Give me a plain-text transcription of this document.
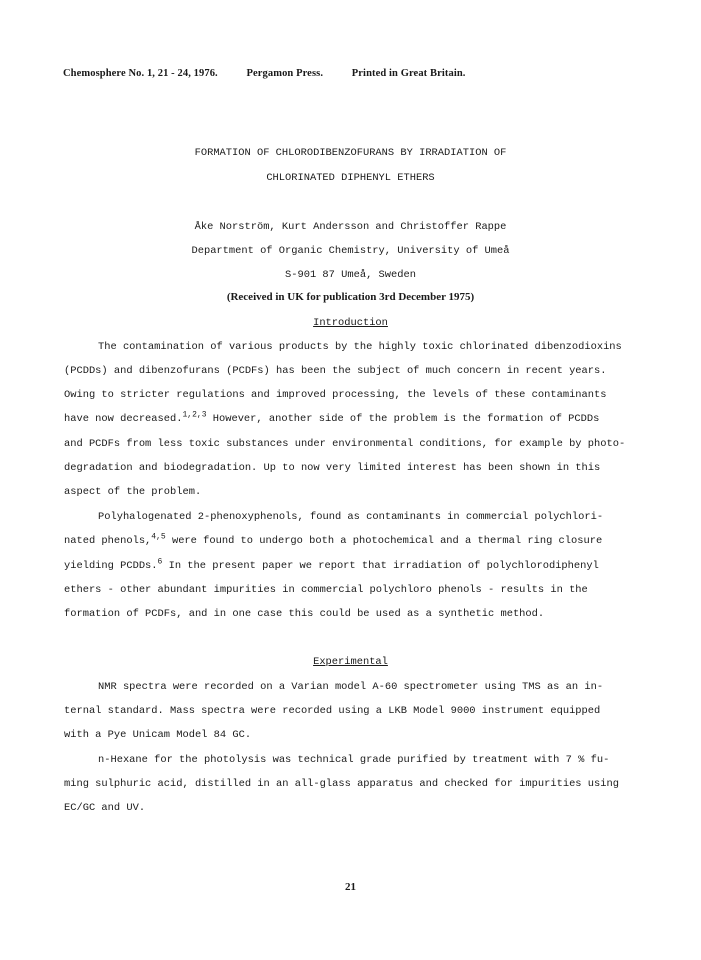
Chemosphere No. 1, 21 - 24, 1976.	Pergamon Press.	Printed in Great Britain.
FORMATION OF CHLORODIBENZOFURANS BY IRRADIATION OF
CHLORINATED DIPHENYL ETHERS
Åke Norström, Kurt Andersson and Christoffer Rappe
Department of Organic Chemistry, University of Umeå
S-901 87 Umeå, Sweden
(Received in UK for publication 3rd December 1975)
Introduction
The contamination of various products by the highly toxic chlorinated dibenzodioxins
(PCDDs) and dibenzofurans (PCDFs) has been the subject of much concern in recent years.
Owing to stricter regulations and improved processing, the levels of these contaminants
have now decreased.$^{1,2,3}$ However, another side of the problem is the formation of PCDDs
and PCDFs from less toxic substances under environmental conditions, for example by photo-
degradation and biodegradation. Up to now very limited interest has been shown in this
aspect of the problem.
Polyhalogenated 2-phenoxyphenols, found as contaminants in commercial polychlori-
nated phenols,$^{4,5}$ were found to undergo both a photochemical and a thermal ring closure
yielding PCDDs.$^6$ In the present paper we report that irradiation of polychlorodiphenyl
ethers - other abundant impurities in commercial polychloro phenols - results in the
formation of PCDFs, and in one case this could be used as a synthetic method.
Experimental
NMR spectra were recorded on a Varian model A-60 spectrometer using TMS as an in-
ternal standard. Mass spectra were recorded using a LKB Model 9000 instrument equipped
with a Pye Unicam Model 84 GC.
n-Hexane for the photolysis was technical grade purified by treatment with 7 % fu-
ming sulphuric acid, distilled in an all-glass apparatus and checked for impurities using
EC/GC and UV.
21
